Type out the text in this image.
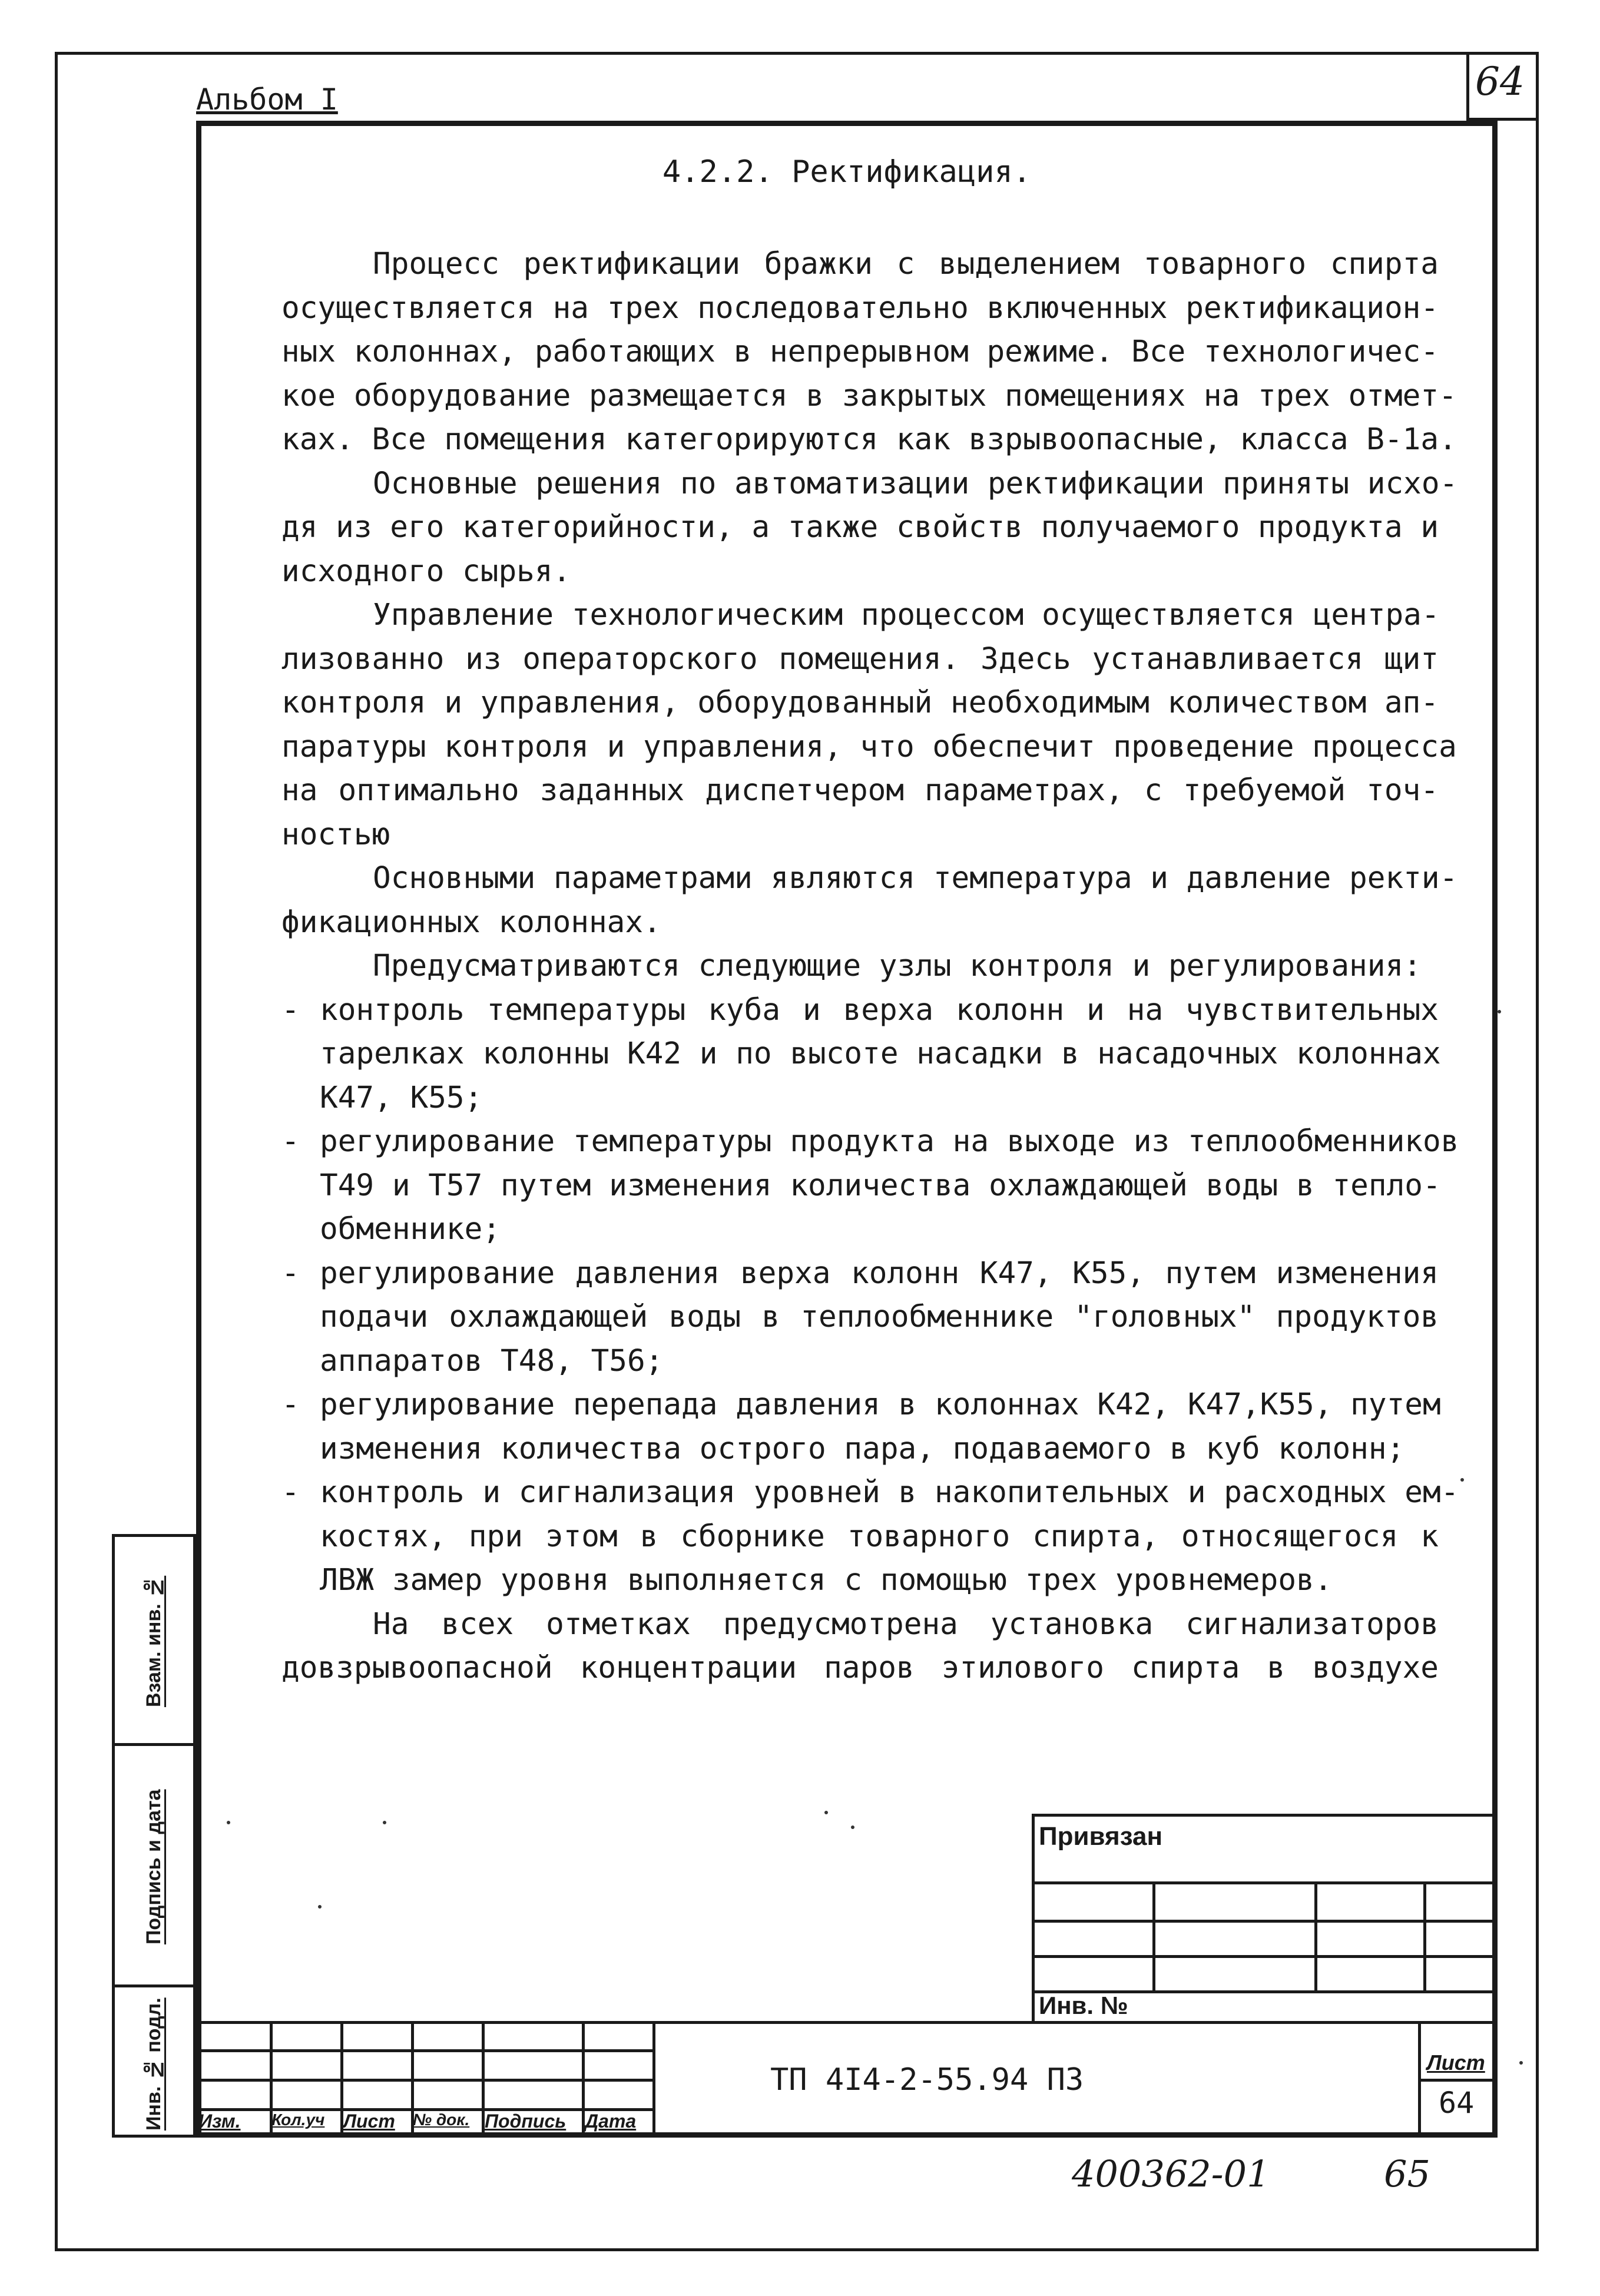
Альбом I	64
4.2.2. Ректификация.
Процесс ректификации бражки с выделением товарного спирта
осуществляется на трех последовательно включенных ректификацион-
ных колоннах, работающих в непрерывном режиме. Все технологичес-
кое оборудование размещается в закрытых помещениях на трех отмет-
ках. Все помещения категорируются как взрывоопасные, класса В-1а.
Основные решения по автоматизации ректификации приняты исхо-
дя из его категорийности, а также свойств получаемого продукта и
исходного сырья.
Управление технологическим процессом осуществляется центра-
лизованно из операторского помещения. Здесь устанавливается щит
контроля и управления, оборудованный необходимым количеством ап-
паратуры контроля и управления, что обеспечит проведение процесса
на оптимально заданных диспетчером параметрах, с требуемой точ-
ностью
Основными параметрами являются температура и давление ректи-
фикационных колоннах.
Предусматриваются следующие узлы контроля и регулирования:
- контроль температуры куба и верха колонн и на чувствительных
тарелках колонны К42 и по высоте насадки в насадочных колоннах
К47, К55;
- регулирование температуры продукта на выходе из теплообменников
Т49 и Т57 путем изменения количества охлаждающей воды в тепло-
обменнике;
- регулирование давления верха колонн К47, К55, путем изменения
подачи охлаждающей воды в теплообменнике "головных" продуктов
аппаратов Т48, Т56;
- регулирование перепада давления в колоннах К42, К47,К55, путем
изменения количества острого пара, подаваемого в куб колонн;
- контроль и сигнализация уровней в накопительных и расходных ем-
костях, при этом в сборнике товарного спирта, относящегося к
ЛВЖ замер уровня выполняется с помощью трех уровнемеров.
На всех отметках предусмотрена установка сигнализаторов
довзрывоопасной концентрации паров этилового спирта в воздухе
Взам. инв. №
Подпись и дата
Инв. № подл.
Привязан
Инв. №
Изм. Кол.уч Лист № док. Подпись Дата
ТП 4I4-2-55.94 ПЗ	Лист
64
400362-01	65
